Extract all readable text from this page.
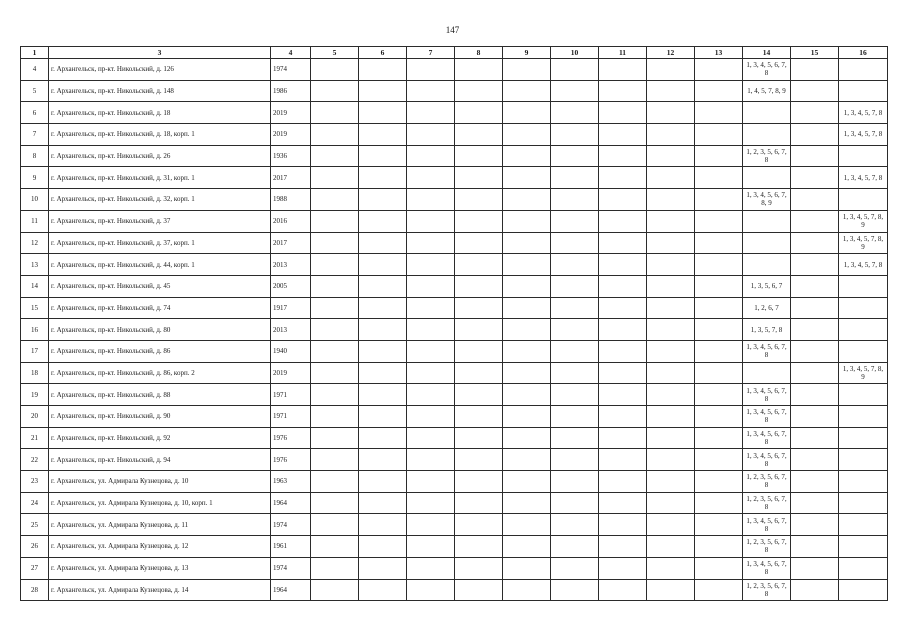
147
1	3	4	5	6	7	8	9	10	11	12	13	14	15	16
4	г. Архангельск, пр-кт. Никольский, д. 126	1974										1, 3, 4, 5, 6, 7, 8		
5	г. Архангельск, пр-кт. Никольский, д. 148	1986										1, 4, 5, 7, 8, 9		
6	г. Архангельск, пр-кт. Никольский, д. 18	2019												1, 3, 4, 5, 7, 8
7	г. Архангельск, пр-кт. Никольский, д. 18, корп. 1	2019												1, 3, 4, 5, 7, 8
8	г. Архангельск, пр-кт. Никольский, д. 26	1936										1, 2, 3, 5, 6, 7, 8		
9	г. Архангельск, пр-кт. Никольский, д. 31, корп. 1	2017												1, 3, 4, 5, 7, 8
10	г. Архангельск, пр-кт. Никольский, д. 32, корп. 1	1988										1, 3, 4, 5, 6, 7, 8, 9		
11	г. Архангельск, пр-кт. Никольский, д. 37	2016												1, 3, 4, 5, 7, 8, 9
12	г. Архангельск, пр-кт. Никольский, д. 37, корп. 1	2017												1, 3, 4, 5, 7, 8, 9
13	г. Архангельск, пр-кт. Никольский, д. 44, корп. 1	2013												1, 3, 4, 5, 7, 8
14	г. Архангельск, пр-кт. Никольский, д. 45	2005										1, 3, 5, 6, 7		
15	г. Архангельск, пр-кт. Никольский, д. 74	1917										1, 2, 6, 7		
16	г. Архангельск, пр-кт. Никольский, д. 80	2013										1, 3, 5, 7, 8		
17	г. Архангельск, пр-кт. Никольский, д. 86	1940										1, 3, 4, 5, 6, 7, 8		
18	г. Архангельск, пр-кт. Никольский, д. 86, корп. 2	2019												1, 3, 4, 5, 7, 8, 9
19	г. Архангельск, пр-кт. Никольский, д. 88	1971										1, 3, 4, 5, 6, 7, 8		
20	г. Архангельск, пр-кт. Никольский, д. 90	1971										1, 3, 4, 5, 6, 7, 8		
21	г. Архангельск, пр-кт. Никольский, д. 92	1976										1, 3, 4, 5, 6, 7, 8		
22	г. Архангельск, пр-кт. Никольский, д. 94	1976										1, 3, 4, 5, 6, 7, 8		
23	г. Архангельск, ул. Адмирала Кузнецова, д. 10	1963										1, 2, 3, 5, 6, 7, 8		
24	г. Архангельск, ул. Адмирала Кузнецова, д. 10, корп. 1	1964										1, 2, 3, 5, 6, 7, 8		
25	г. Архангельск, ул. Адмирала Кузнецова, д. 11	1974										1, 3, 4, 5, 6, 7, 8		
26	г. Архангельск, ул. Адмирала Кузнецова, д. 12	1961										1, 2, 3, 5, 6, 7, 8		
27	г. Архангельск, ул. Адмирала Кузнецова, д. 13	1974										1, 3, 4, 5, 6, 7, 8		
28	г. Архангельск, ул. Адмирала Кузнецова, д. 14	1964										1, 2, 3, 5, 6, 7, 8		
